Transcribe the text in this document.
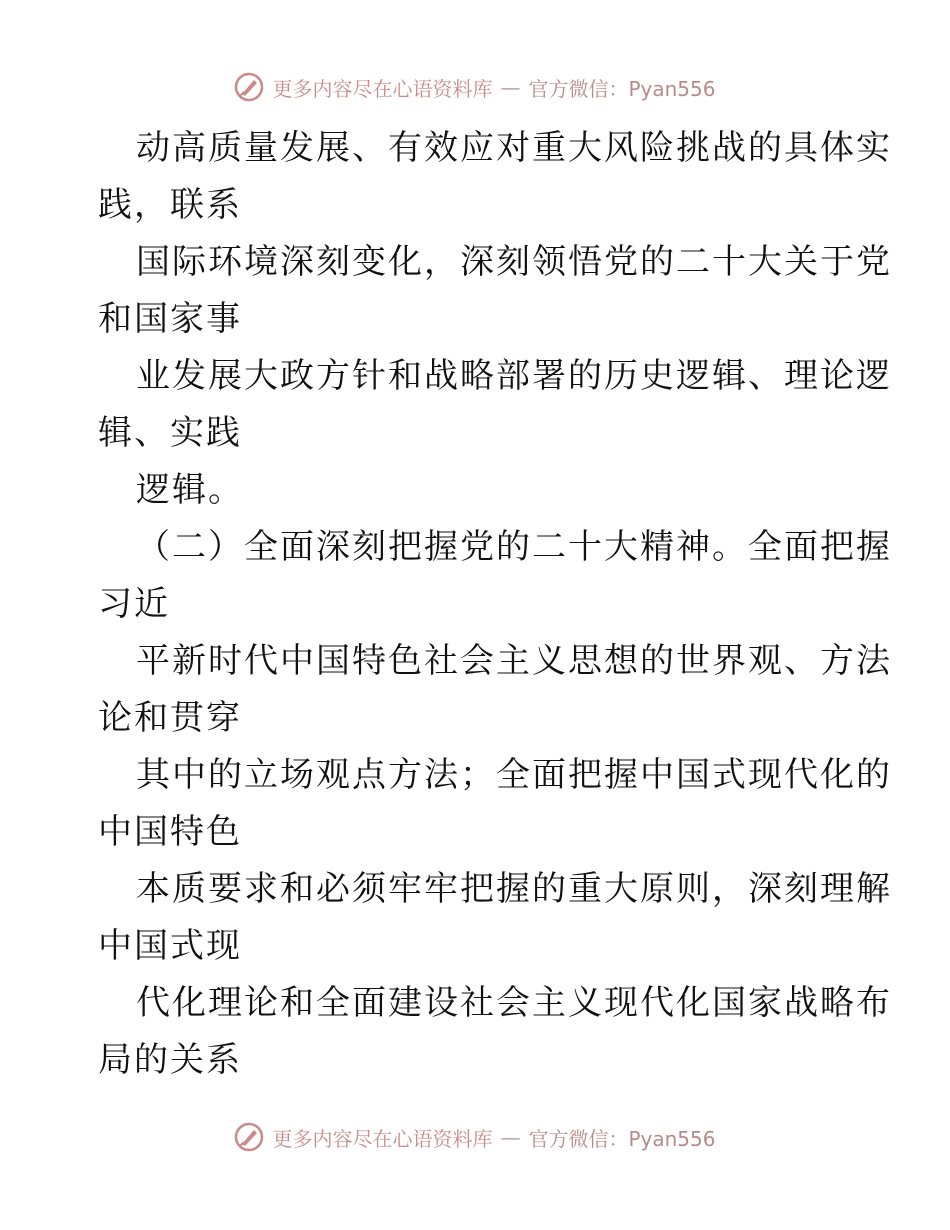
更多内容尽在心语资料库 — 官方微信：Pyan556
动高质量发展、有效应对重大风险挑战的具体实
践，联系
国际环境深刻变化，深刻领悟党的二十大关于党
和国家事
业发展大政方针和战略部署的历史逻辑、理论逻
辑、实践
逻辑。
（二）全面深刻把握党的二十大精神。全面把握
习近
平新时代中国特色社会主义思想的世界观、方法
论和贯穿
其中的立场观点方法；全面把握中国式现代化的
中国特色
本质要求和必须牢牢把握的重大原则，深刻理解
中国式现
代化理论和全面建设社会主义现代化国家战略布
局的关系
更多内容尽在心语资料库 — 官方微信：Pyan556
